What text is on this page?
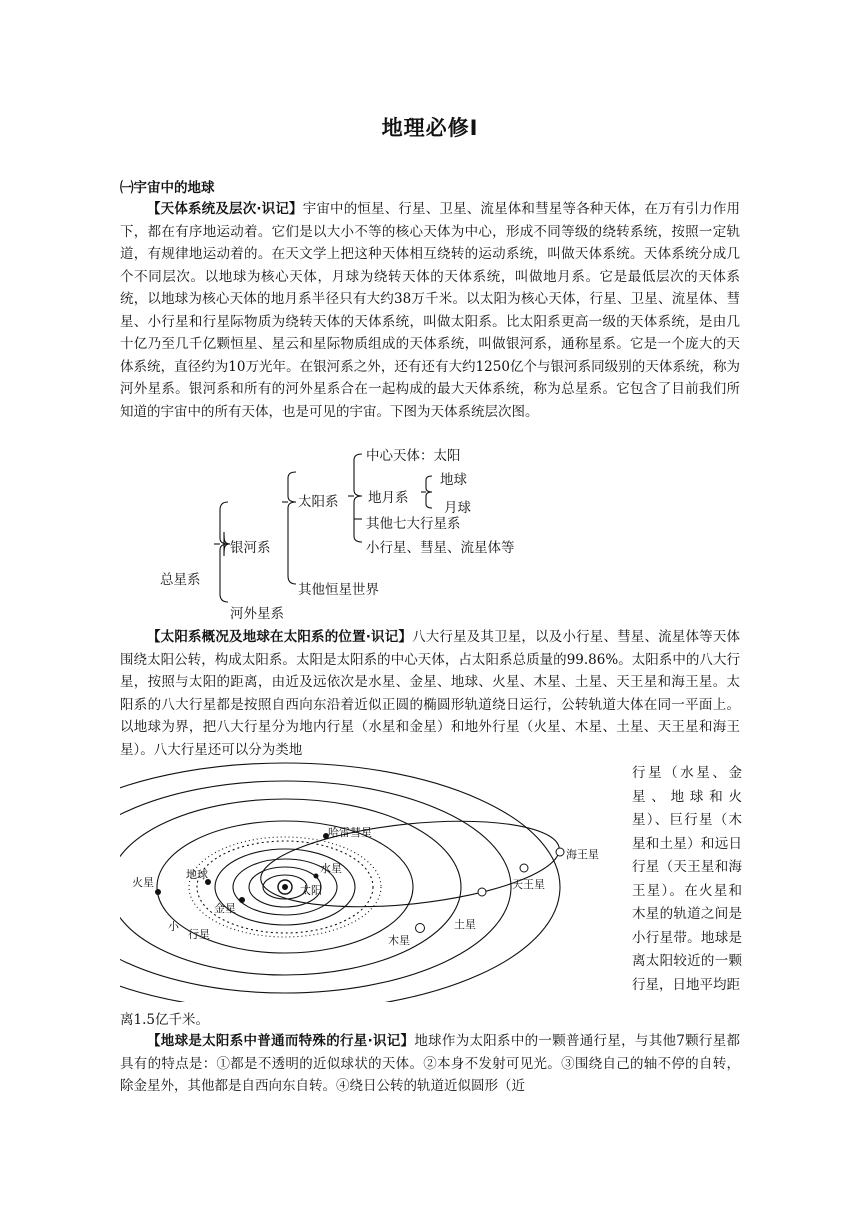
地理必修Ⅰ
㈠宇宙中的地球

【天体系统及层次·识记】宇宙中的恒星、行星、卫星、流星体和彗星等各种天体，在万有引力作用下，都在有序地运动着。它们是以大小不等的核心天体为中心，形成不同等级的绕转系统，按照一定轨道，有规律地运动着的。在天文学上把这种天体相互绕转的运动系统，叫做天体系统。天体系统分成几个不同层次。以地球为核心天体，月球为绕转天体的天体系统，叫做地月系。它是最低层次的天体系统，以地球为核心天体的地月系半径只有大约38万千米。以太阳为核心天体，行星、卫星、流星体、彗星、小行星和行星际物质为绕转天体的天体系统，叫做太阳系。比太阳系更高一级的天体系统，是由几十亿乃至几千亿颗恒星、星云和星际物质组成的天体系统，叫做银河系，通称星系。它是一个庞大的天体系统，直径约为10万光年。在银河系之外，还有还有大约1250亿个与银河系同级别的天体系统，称为河外星系。银河系和所有的河外星系合在一起构成的最大天体系统，称为总星系。它包含了目前我们所知道的宇宙中的所有天体，也是可见的宇宙。下图为天体系统层次图。

总星系
银河系
河外星系
太阳系
其他恒星世界
中心天体：太阳
地月系
地球
月球
其他七大行星系
小行星、彗星、流星体等

【太阳系概况及地球在太阳系的位置·识记】八大行星及其卫星，以及小行星、彗星、流星体等天体围绕太阳公转，构成太阳系。太阳是太阳系的中心天体，占太阳系总质量的99.86%。太阳系中的八大行星，按照与太阳的距离，由近及远依次是水星、金星、地球、火星、木星、土星、天王星和海王星。太阳系的八大行星都是按照自西向东沿着近似正圆的椭圆形轨道绕日运行，公转轨道大体在同一平面上。以地球为界，把八大行星分为地内行星（水星和金星）和地外行星（火星、木星、土星、天王星和海王星）。八大行星还可以分为类地

哈雷彗星
水星
太阳
火星
地球
金星
海王星
天王星
土星
木星
小
行星

行星（水星、金星、地球和火星）、巨行星（木星和土星）和远日行星（天王星和海王星）。在火星和木星的轨道之间是小行星带。地球是离太阳较近的一颗行星，日地平均距

离1.5亿千米。

【地球是太阳系中普通而特殊的行星·识记】地球作为太阳系中的一颗普通行星，与其他7颗行星都具有的特点是：①都是不透明的近似球状的天体。②本身不发射可见光。③围绕自己的轴不停的自转，除金星外，其他都是自西向东自转。④绕日公转的轨道近似圆形（近
